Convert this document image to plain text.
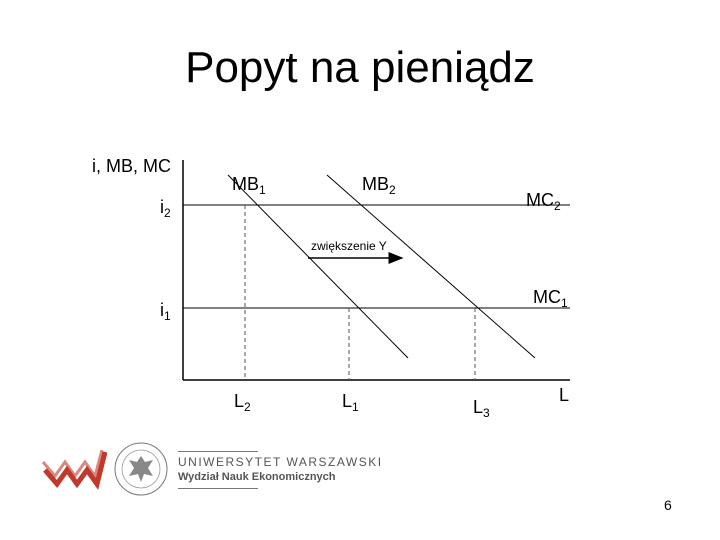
Popyt na pieniądz
i, MB, MC
$i_2$
$i_1$
$MB_1$	$MB_2$	$MC_2$
$MC_1$
zwiększenie Y
$L_2$	$L_1$	$L_3$
L
UNIWERSYTET WARSZAWSKI
Wydział Nauk Ekonomicznych
6
